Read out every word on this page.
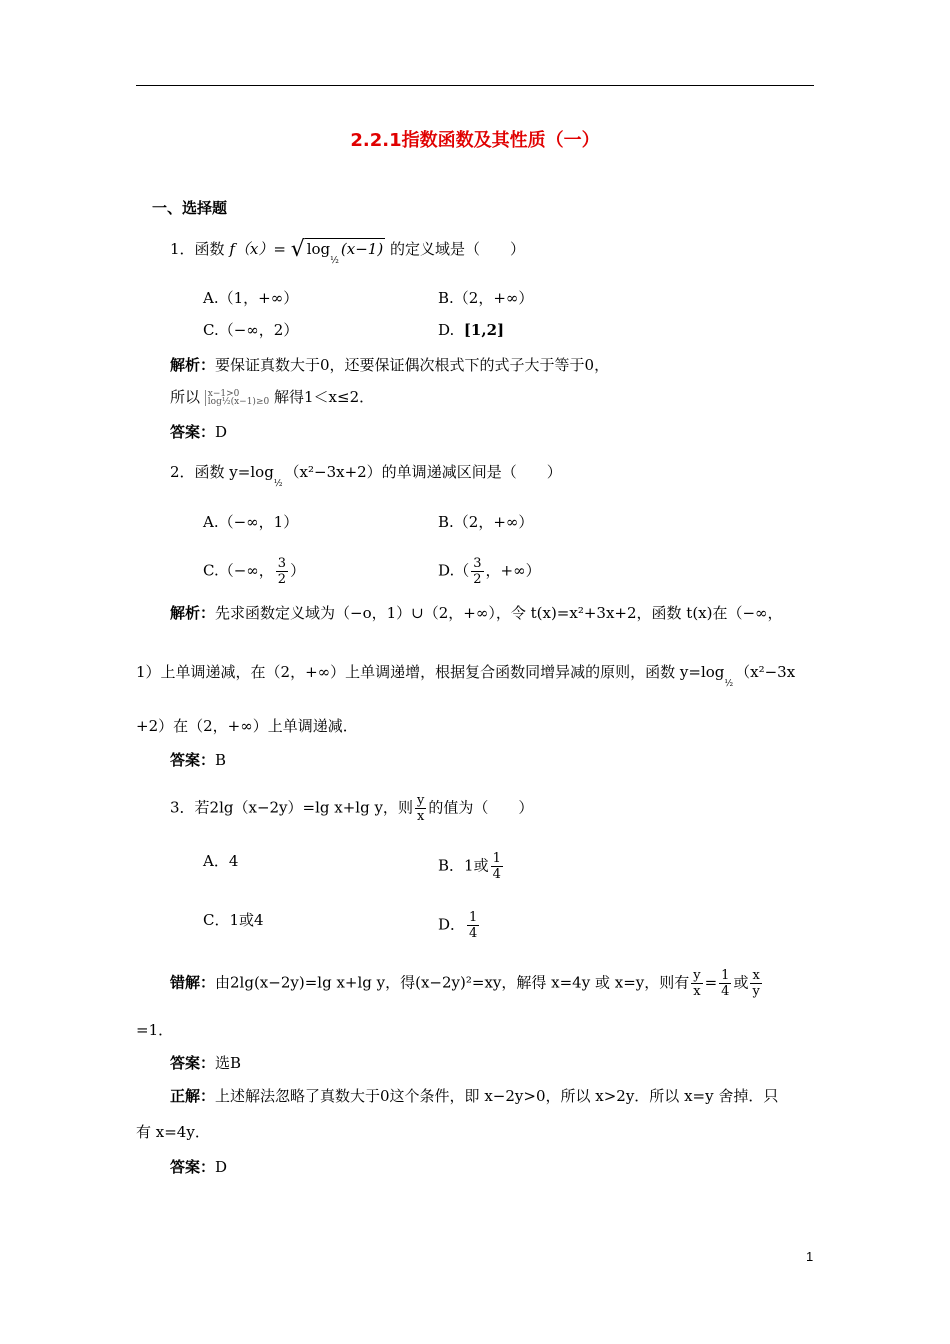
2.2.1指数函数及其性质（一）
一、选择题
1．函数 f（x）= √ $\log_{\frac{1}{2}}(x-1)$ 的定义域是（　　）
A.（1，+∞）	B.（2，+∞）
C.（−∞，2）	D. [1,2]
解析：要保证真数大于0，还要保证偶次根式下的式子大于等于0，
所以 x−1>0
log½(x−1)≥0 解得1＜x≤2．
答案：D
2．函数 $y=\log_{\frac{1}{2}}(x^2-3x+2)$的单调递减区间是（　　）
A.（−∞，1）	B.（2，+∞）
C.（−∞， $\frac{3}{2}$ ）	$D.( \frac{3}{2}$ ，+∞）
解析：先求函数定义域为（−o，1）∪（2，+∞），令 t(x)=x²+3x+2，函数 t(x)在（−∞，
1）上单调递减，在（2，+∞）上单调递增，根据复合函数同增异减的原则，函数 $y=\log_{\frac{1}{2}}(x^2-3x$
+2）在（2，+∞）上单调递减．
答案：B
3．若2lg（x−2y）=lg x+lg y，则 $\frac{y}{x}$ 的值为（　　）
A．4	B．1或 $\frac{1}{4}$
C．1或4	D． $\frac{1}{4}$
错解：由2lg(x−2y)=lg x+lg y，得(x−2y)²=xy，解得 x=4y 或 x=y，则有 $\frac{y}{x} = \frac{1}{4}$ 或 $\frac{x}{y}$
=1．
答案：选B
正解：上述解法忽略了真数大于0这个条件，即 x−2y>0，所以 x>2y．所以 x=y 舍掉．只
有 x=4y．
答案：D
1
